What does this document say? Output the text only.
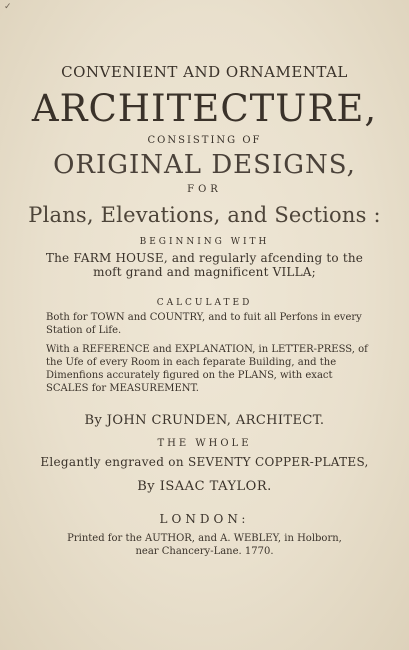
✓
CONVENIENT AND ORNAMENTAL
ARCHITECTURE,
CONSISTING OF
ORIGINAL DESIGNS,
FOR
Plans, Elevations, and Sections :
BEGINNING WITH
The FARM HOUSE, and regularly afcending to the moft grand and magnificent VILLA;
CALCULATED
Both for TOWN and COUNTRY, and to fuit all Perfons in every Station of Life.
With a REFERENCE and EXPLANATION, in LETTER-PRESS, of the Ufe of every Room in each feparate Building, and the Dimenfions accurately figured on the PLANS, with exact SCALES for MEASUREMENT.
By JOHN CRUNDEN, ARCHITECT.
THE WHOLE
Elegantly engraved on SEVENTY COPPER-PLATES,
By ISAAC TAYLOR.
LONDON:
Printed for the AUTHOR, and A. WEBLEY, in Holborn, near Chancery-Lane. 1770.
